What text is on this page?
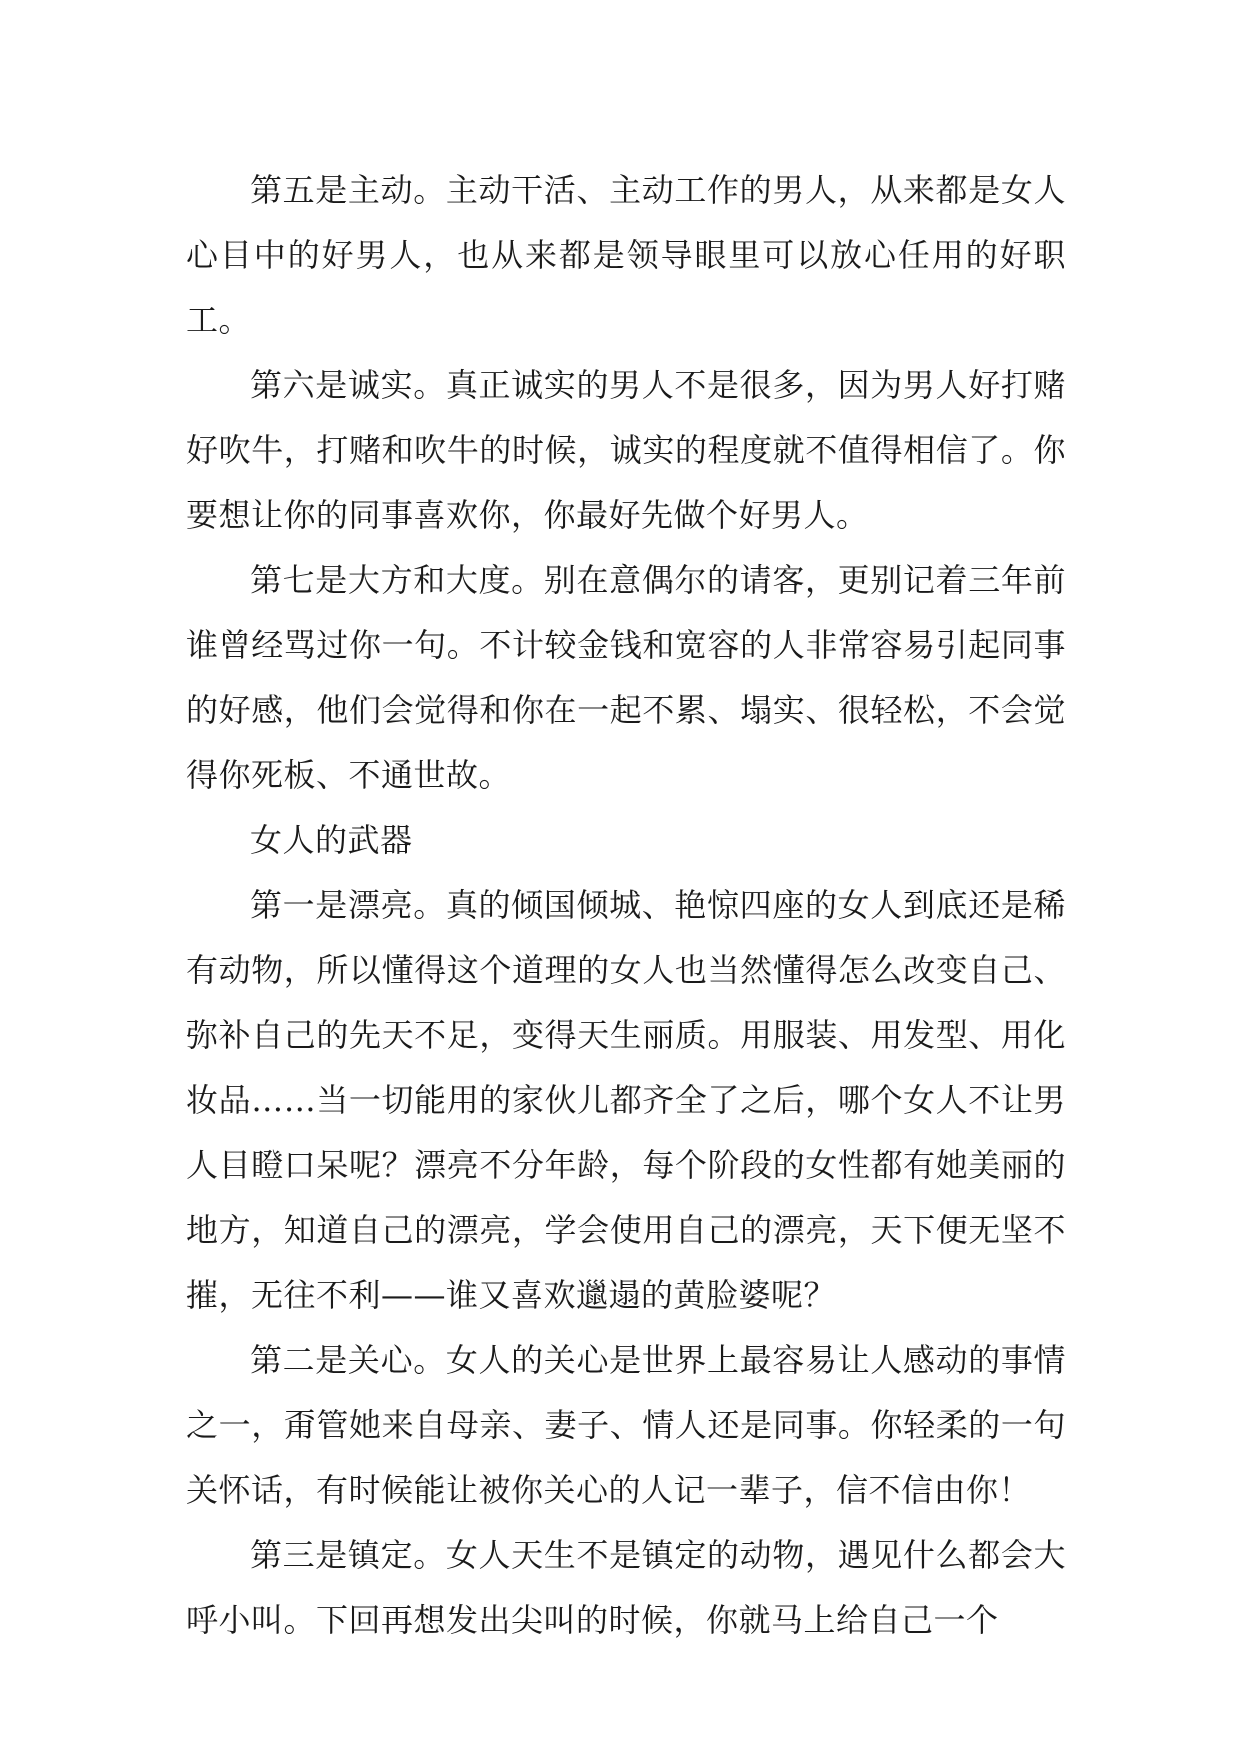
第五是主动。主动干活、主动工作的男人，从来都是女人心目中的好男人，也从来都是领导眼里可以放心任用的好职工。

第六是诚实。真正诚实的男人不是很多，因为男人好打赌好吹牛，打赌和吹牛的时候，诚实的程度就不值得相信了。你要想让你的同事喜欢你，你最好先做个好男人。

第七是大方和大度。别在意偶尔的请客，更别记着三年前谁曾经骂过你一句。不计较金钱和宽容的人非常容易引起同事的好感，他们会觉得和你在一起不累、塌实、很轻松，不会觉得你死板、不通世故。

女人的武器

第一是漂亮。真的倾国倾城、艳惊四座的女人到底还是稀有动物，所以懂得这个道理的女人也当然懂得怎么改变自己、弥补自己的先天不足，变得天生丽质。用服装、用发型、用化妆品……当一切能用的家伙儿都齐全了之后，哪个女人不让男人目瞪口呆呢？漂亮不分年龄，每个阶段的女性都有她美丽的地方，知道自己的漂亮，学会使用自己的漂亮，天下便无坚不摧，无往不利——谁又喜欢邋遢的黄脸婆呢？

第二是关心。女人的关心是世界上最容易让人感动的事情之一，甭管她来自母亲、妻子、情人还是同事。你轻柔的一句关怀话，有时候能让被你关心的人记一辈子，信不信由你！

第三是镇定。女人天生不是镇定的动物，遇见什么都会大呼小叫。下回再想发出尖叫的时候，你就马上给自己一个
